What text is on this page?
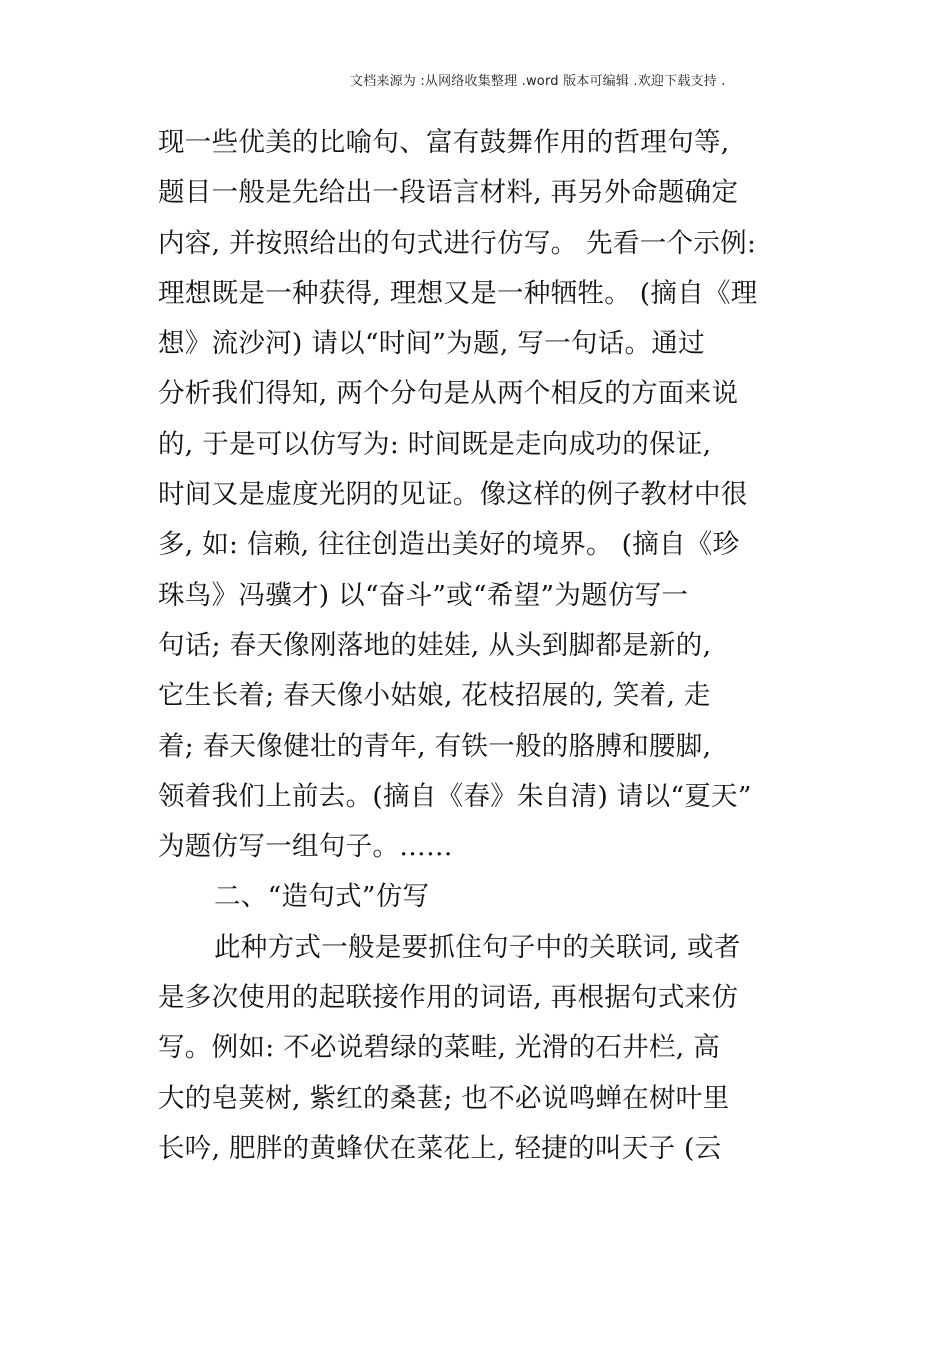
文档来源为 :从网络收集整理 .word 版本可编辑 .欢迎下载支持 .
现一些优美的比喻句、富有鼓舞作用的哲理句等,
题目一般是先给出一段语言材料, 再另外命题确定
内容, 并按照给出的句式进行仿写。 先看一个示例:
理想既是一种获得, 理想又是一种牺牲。 (摘自《理
想》流沙河) 请以“时间”为题, 写一句话。通过
分析我们得知, 两个分句是从两个相反的方面来说
的, 于是可以仿写为: 时间既是走向成功的保证,
时间又是虚度光阴的见证。像这样的例子教材中很
多, 如: 信赖, 往往创造出美好的境界。 (摘自《珍
珠鸟》冯骥才) 以“奋斗”或“希望”为题仿写一
句话; 春天像刚落地的娃娃, 从头到脚都是新的,
它生长着; 春天像小姑娘, 花枝招展的, 笑着, 走
着; 春天像健壮的青年, 有铁一般的胳膊和腰脚,
领着我们上前去。(摘自《春》朱自清) 请以“夏天”
为题仿写一组句子。……
二、“造句式”仿写
此种方式一般是要抓住句子中的关联词, 或者
是多次使用的起联接作用的词语, 再根据句式来仿
写。例如: 不必说碧绿的菜畦, 光滑的石井栏, 高
大的皂荚树, 紫红的桑葚; 也不必说鸣蝉在树叶里
长吟, 肥胖的黄蜂伏在菜花上, 轻捷的叫天子 (云
